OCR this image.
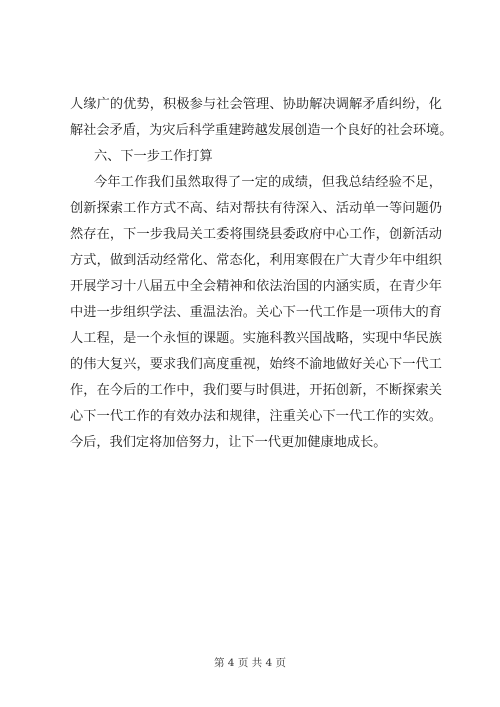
人缘广的优势，积极参与社会管理、协助解决调解矛盾纠纷，化
解社会矛盾，为灾后科学重建跨越发展创造一个良好的社会环境。
六、下一步工作打算
今年工作我们虽然取得了一定的成绩，但我总结经验不足，
创新探索工作方式不高、结对帮扶有待深入、活动单一等问题仍
然存在，下一步我局关工委将围绕县委政府中心工作，创新活动
方式，做到活动经常化、常态化，利用寒假在广大青少年中组织
开展学习十八届五中全会精神和依法治国的内涵实质，在青少年
中进一步组织学法、重温法治。关心下一代工作是一项伟大的育
人工程，是一个永恒的课题。实施科教兴国战略，实现中华民族
的伟大复兴，要求我们高度重视，始终不渝地做好关心下一代工
作，在今后的工作中，我们要与时俱进，开拓创新，不断探索关
心下一代工作的有效办法和规律，注重关心下一代工作的实效。
今后，我们定将加倍努力，让下一代更加健康地成长。
第 4 页 共 4 页
